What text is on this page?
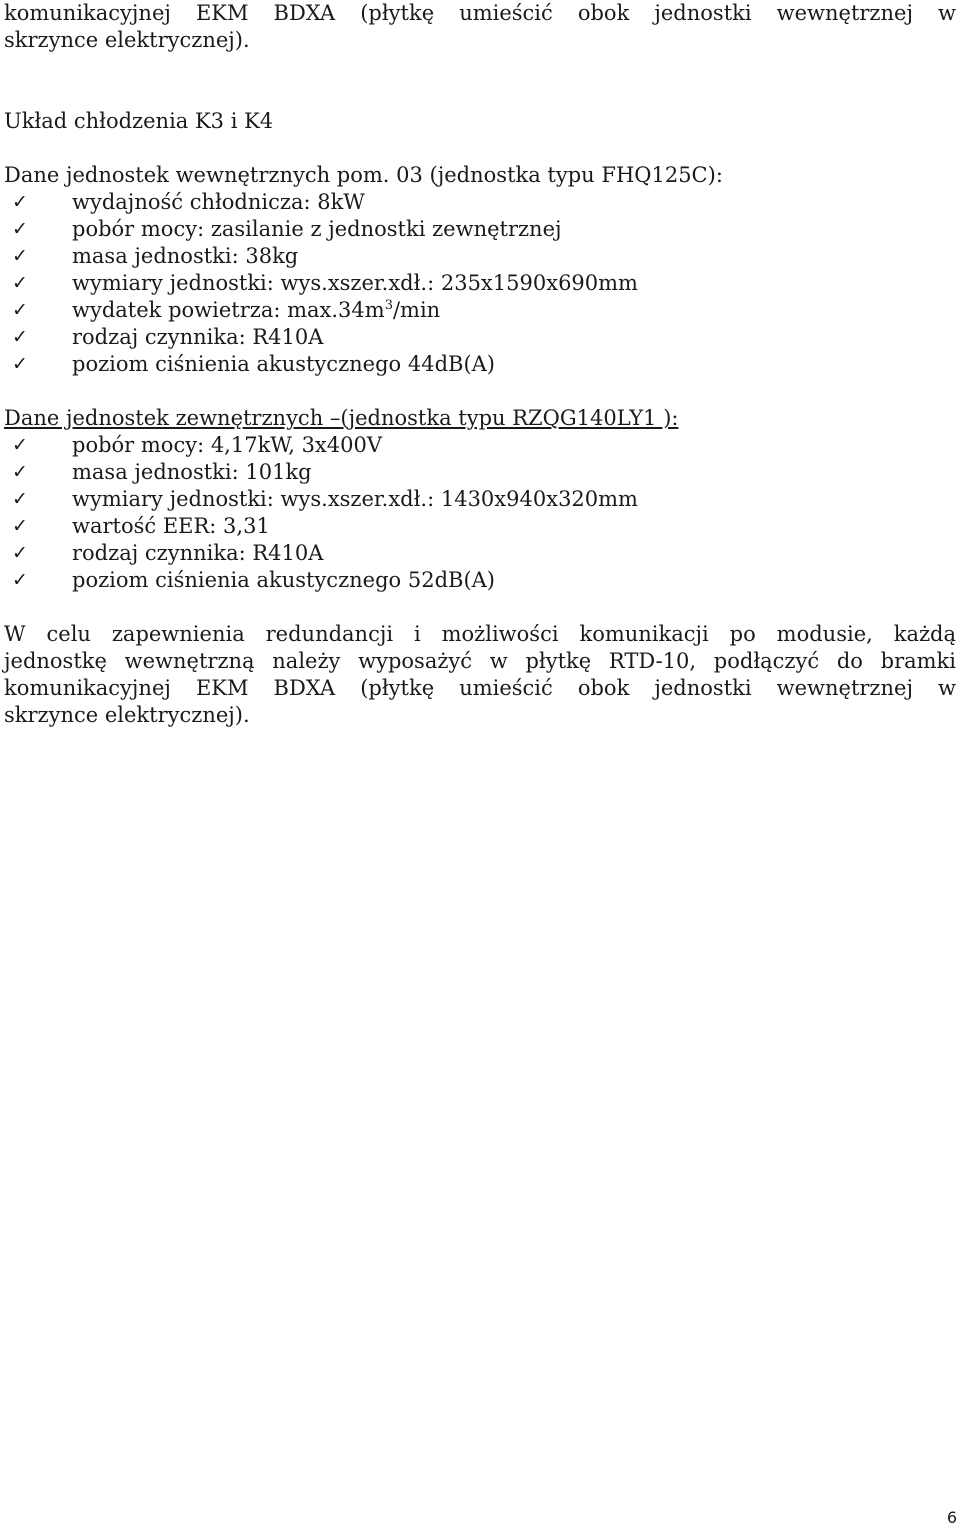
komunikacyjnej EKM BDXA (płytkę umieścić obok jednostki wewnętrznej w
skrzynce elektrycznej).
Układ chłodzenia K3 i K4
Dane jednostek wewnętrznych pom. 03 (jednostka typu FHQ125C):
✓ wydajność chłodnicza: 8kW
✓ pobór mocy: zasilanie z jednostki zewnętrznej
✓ masa jednostki: 38kg
✓ wymiary jednostki: wys.xszer.xdł.: 235x1590x690mm
✓ wydatek powietrza: $\max.34m^3/\min$
✓ rodzaj czynnika: R410A
✓ poziom ciśnienia akustycznego 44dB(A)
Dane jednostek zewnętrznych –(jednostka typu RZQG140LY1 ):
✓ pobór mocy: 4,17kW, 3x400V
✓ masa jednostki: 101kg
✓ wymiary jednostki: wys.xszer.xdł.: 1430x940x320mm
✓ wartość EER: 3,31
✓ rodzaj czynnika: R410A
✓ poziom ciśnienia akustycznego 52dB(A)
W celu zapewnienia redundancji i możliwości komunikacji po modusie, każdą
jednostkę wewnętrzną należy wyposażyć w płytkę RTD-10, podłączyć do bramki
komunikacyjnej EKM BDXA (płytkę umieścić obok jednostki wewnętrznej w
skrzynce elektrycznej).
6
